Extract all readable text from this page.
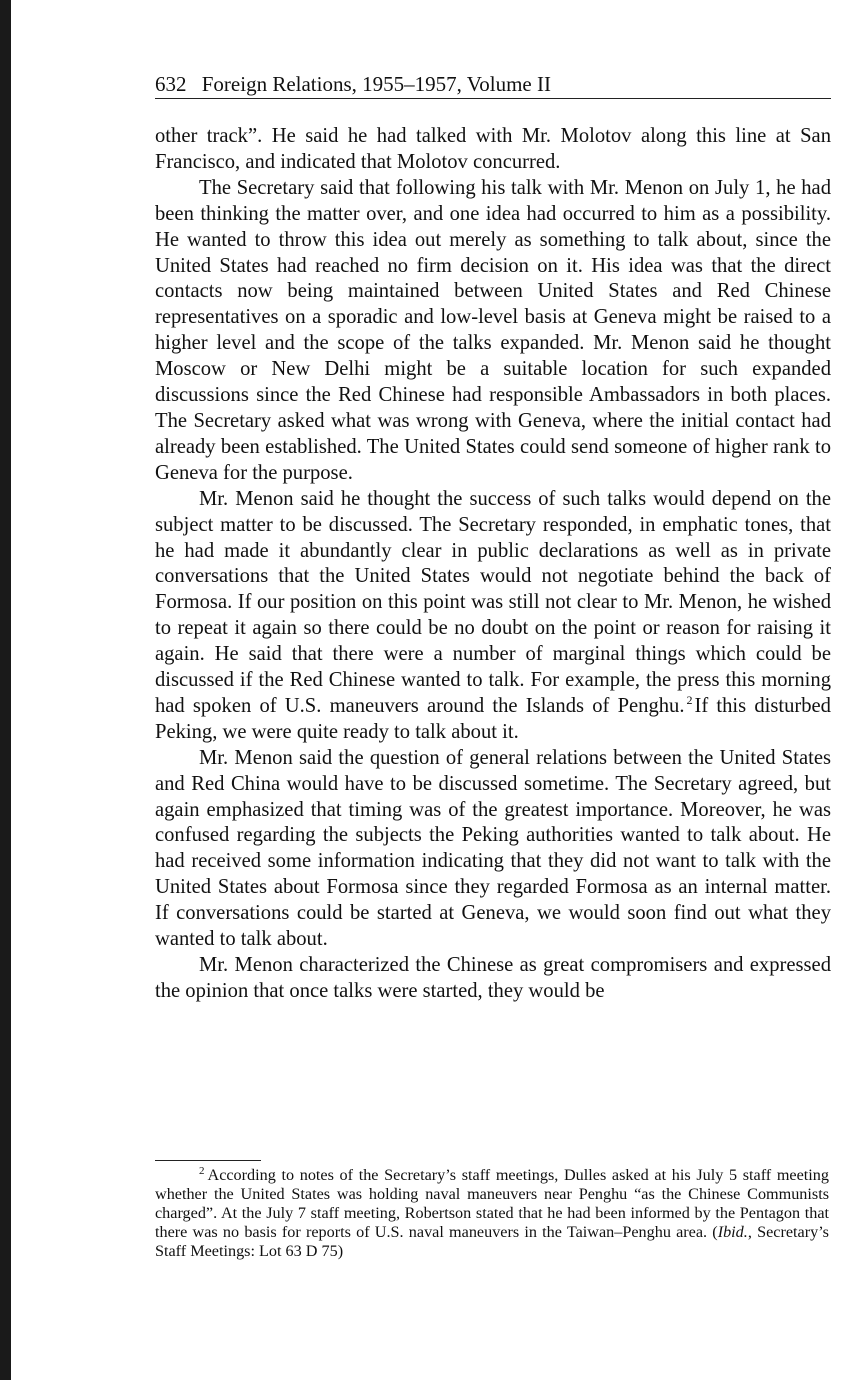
632 Foreign Relations, 1955–1957, Volume II

other track”. He said he had talked with Mr. Molotov along this line at San Francisco, and indicated that Molotov concurred.

The Secretary said that following his talk with Mr. Menon on July 1, he had been thinking the matter over, and one idea had occurred to him as a possibility. He wanted to throw this idea out merely as something to talk about, since the United States had reached no firm decision on it. His idea was that the direct contacts now being maintained between United States and Red Chinese representatives on a sporadic and low-level basis at Geneva might be raised to a higher level and the scope of the talks expanded. Mr. Menon said he thought Moscow or New Delhi might be a suitable location for such expanded discussions since the Red Chinese had responsible Ambassadors in both places. The Secretary asked what was wrong with Geneva, where the initial contact had already been established. The United States could send someone of higher rank to Geneva for the purpose.

Mr. Menon said he thought the success of such talks would depend on the subject matter to be discussed. The Secretary responded, in emphatic tones, that he had made it abundantly clear in public declarations as well as in private conversations that the United States would not negotiate behind the back of Formosa. If our position on this point was still not clear to Mr. Menon, he wished to repeat it again so there could be no doubt on the point or reason for raising it again. He said that there were a number of marginal things which could be discussed if the Red Chinese wanted to talk. For example, the press this morning had spoken of U.S. maneuvers around the Islands of Penghu. $^2$If this disturbed Peking, we were quite ready to talk about it.

Mr. Menon said the question of general relations between the United States and Red China would have to be discussed sometime. The Secretary agreed, but again emphasized that timing was of the greatest importance. Moreover, he was confused regarding the subjects the Peking authorities wanted to talk about. He had received some information indicating that they did not want to talk with the United States about Formosa since they regarded Formosa as an internal matter. If conversations could be started at Geneva, we would soon find out what they wanted to talk about.

Mr. Menon characterized the Chinese as great compromisers and expressed the opinion that once talks were started, they would be

$^2$ According to notes of the Secretary’s staff meetings, Dulles asked at his July 5 staff meeting whether the United States was holding naval maneuvers near Penghu “as the Chinese Communists charged”. At the July 7 staff meeting, Robertson stated that he had been informed by the Pentagon that there was no basis for reports of U.S. naval maneuvers in the Taiwan–Penghu area. (Ibid., Secretary’s Staff Meetings: Lot 63 D 75)
